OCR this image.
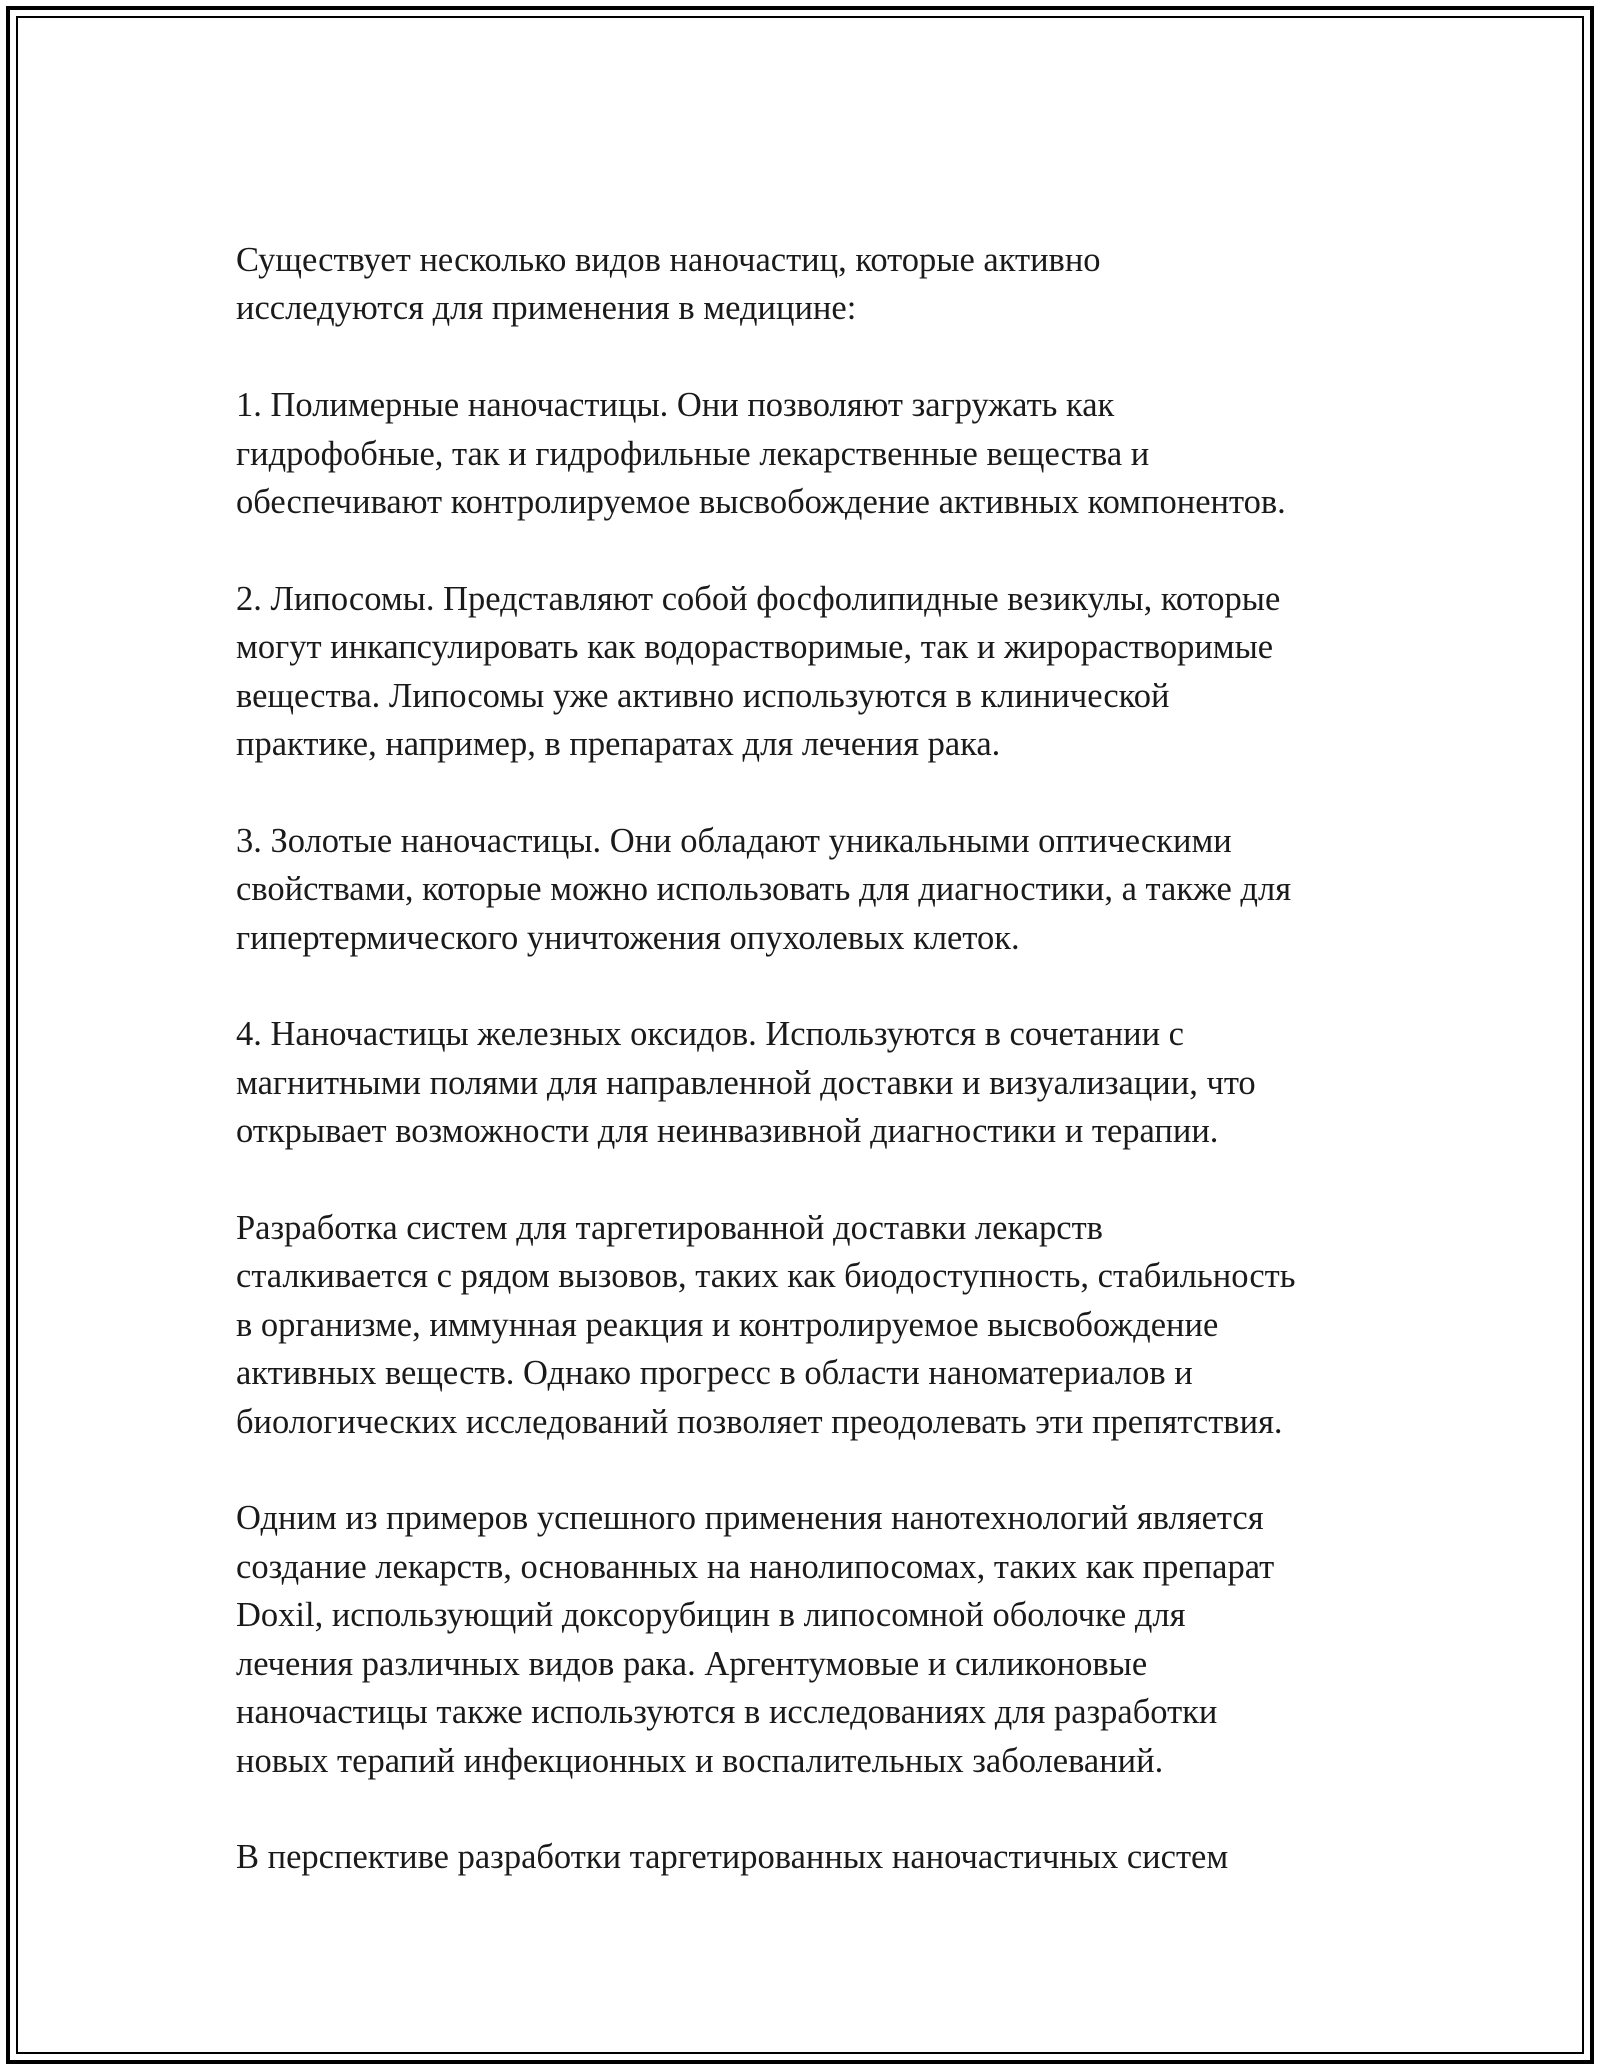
Существует несколько видов наночастиц, которые активно
исследуются для применения в медицине:

1. Полимерные наночастицы. Они позволяют загружать как
гидрофобные, так и гидрофильные лекарственные вещества и
обеспечивают контролируемое высвобождение активных компонентов.

2. Липосомы. Представляют собой фосфолипидные везикулы, которые
могут инкапсулировать как водорастворимые, так и жирорастворимые
вещества. Липосомы уже активно используются в клинической
практике, например, в препаратах для лечения рака.

3. Золотые наночастицы. Они обладают уникальными оптическими
свойствами, которые можно использовать для диагностики, а также для
гипертермического уничтожения опухолевых клеток.

4. Наночастицы железных оксидов. Используются в сочетании с
магнитными полями для направленной доставки и визуализации, что
открывает возможности для неинвазивной диагностики и терапии.

Разработка систем для таргетированной доставки лекарств
сталкивается с рядом вызовов, таких как биодоступность, стабильность
в организме, иммунная реакция и контролируемое высвобождение
активных веществ. Однако прогресс в области наноматериалов и
биологических исследований позволяет преодолевать эти препятствия.

Одним из примеров успешного применения нанотехнологий является
создание лекарств, основанных на нанолипосомах, таких как препарат
Doxil, использующий доксорубицин в липосомной оболочке для
лечения различных видов рака. Аргентумовые и силиконовые
наночастицы также используются в исследованиях для разработки
новых терапий инфекционных и воспалительных заболеваний.

В перспективе разработки таргетированных наночастичных систем
